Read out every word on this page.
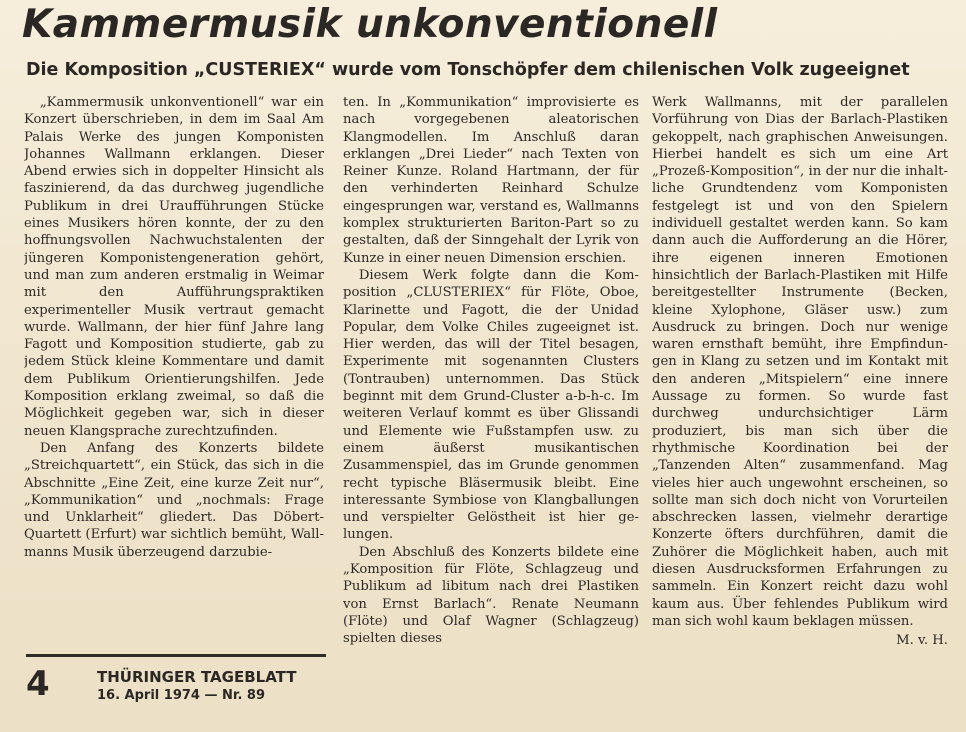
Kammermusik unkonventionell
Die Komposition „CUSTERIEX“ wurde vom Tonschöpfer dem chilenischen Volk zugeeignet

„Kammermusik unkonventionell“ war ein Konzert überschrieben, in dem im Saal Am Palais Werke des jungen Komponisten Johannes Wallmann erklangen. Dieser Abend erwies sich in doppelter Hinsicht als faszinierend, da das durchweg jugendliche Publikum in drei Uraufführungen Stücke eines Musikers hören konnte, der zu den hoffnungsvollen Nachwuchstalenten der jüngeren Komponistengeneration gehört, und man zum anderen erstmalig in Weimar mit den Aufführungspraktiken experimenteller Musik vertraut gemacht wurde. Wallmann, der hier fünf Jahre lang Fagott und Komposition studierte, gab zu jedem Stück kleine Kommentare und damit dem Publikum Orientierungshilfen. Jede Komposition erklang zweimal, so daß die Möglichkeit gegeben war, sich in dieser neuen Klangsprache zurechtzufinden.

Den Anfang des Konzerts bildete „Streichquartett“, ein Stück, das sich in die Abschnitte „Eine Zeit, eine kurze Zeit nur“, „Kommunikation“ und „nochmals: Frage und Unklarheit“ gliedert. Das Döbert-Quartett (Erfurt) war sichtlich bemüht, Wallmanns Musik überzeugend darzubie-

ten. In „Kommunikation“ improvisierte es nach vorgegebenen aleatorischen Klangmodellen. Im Anschluß daran erklangen „Drei Lieder“ nach Texten von Reiner Kunze. Roland Hartmann, der für den verhinderten Reinhard Schulze eingesprungen war, verstand es, Wallmanns komplex strukturierten Bariton-Part so zu gestalten, daß der Sinngehalt der Lyrik von Kunze in einer neuen Dimension erschien.

Diesem Werk folgte dann die Komposition „CLUSTERIEX“ für Flöte, Oboe, Klarinette und Fagott, die der Unidad Popular, dem Volke Chiles zugeeignet ist. Hier werden, das will der Titel besagen, Experimente mit sogenannten Clusters (Tontrauben) unternommen. Das Stück beginnt mit dem Grund-Cluster a-b-h-c. Im weiteren Verlauf kommt es über Glissandi und Elemente wie Fußstampfen usw. zu einem äußerst musikantischen Zusammenspiel, das im Grunde genommen recht typische Bläsermusik bleibt. Eine interessante Symbiose von Klangballungen und verspielter Gelöstheit ist hier gelungen.

Den Abschluß des Konzerts bildete eine „Komposition für Flöte, Schlagzeug und Publikum ad libitum nach drei Plastiken von Ernst Barlach“. Renate Neumann (Flöte) und Olaf Wagner (Schlagzeug) spielten dieses

Werk Wallmanns, mit der parallelen Vorführung von Dias der Barlach-Plastiken gekoppelt, nach graphischen Anweisungen. Hierbei handelt es sich um eine Art „Prozeß-Komposition“, in der nur die inhaltliche Grundtendenz vom Komponisten festgelegt ist und von den Spielern individuell gestaltet werden kann. So kam dann auch die Aufforderung an die Hörer, ihre eigenen inneren Emotionen hinsichtlich der Barlach-Plastiken mit Hilfe bereitgestellter Instrumente (Becken, kleine Xylophone, Gläser usw.) zum Ausdruck zu bringen. Doch nur wenige waren ernsthaft bemüht, ihre Empfindungen in Klang zu setzen und im Kontakt mit den anderen „Mitspielern“ eine innere Aussage zu formen. So wurde fast durchweg undurchsichtiger Lärm produziert, bis man sich über die rhythmische Koordination bei der „Tanzenden Alten“ zusammenfand. Mag vieles hier auch ungewohnt erscheinen, so sollte man sich doch nicht von Vorurteilen abschrecken lassen, vielmehr derartige Konzerte öfters durchführen, damit die Zuhörer die Möglichkeit haben, auch mit diesen Ausdrucksformen Erfahrungen zu sammeln. Ein Konzert reicht dazu wohl kaum aus. Über fehlendes Publikum wird man sich wohl kaum beklagen müssen.

M. v. H.
4	THÜRINGER TAGEBLATT
16. April 1974 — Nr. 89
